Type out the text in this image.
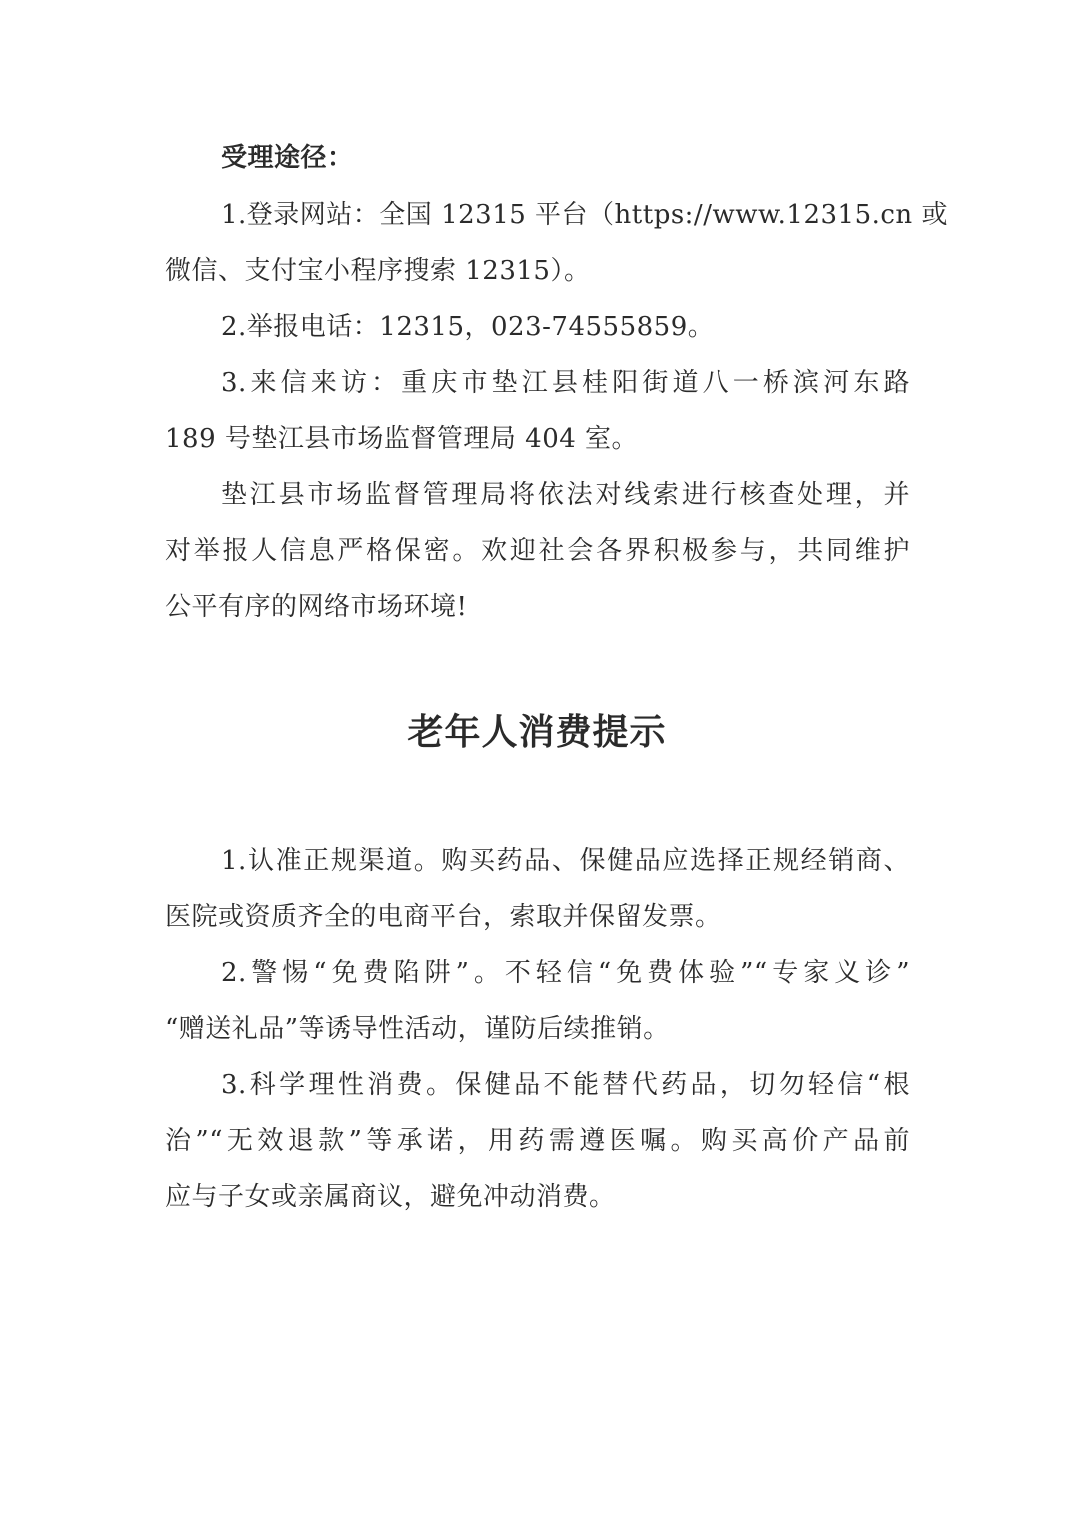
受理途径：
1.登录网站：全国 12315 平台（https://www.12315.cn 或
微信、支付宝小程序搜索 12315）。
2.举报电话：12315，023-74555859。
3.来信来访：重庆市垫江县桂阳街道八一桥滨河东路
189 号垫江县市场监督管理局 404 室。
垫江县市场监督管理局将依法对线索进行核查处理，并
对举报人信息严格保密。欢迎社会各界积极参与，共同维护
公平有序的网络市场环境!
老年人消费提示
1.认准正规渠道。购买药品、保健品应选择正规经销商、
医院或资质齐全的电商平台，索取并保留发票。
2.警惕“免费陷阱”。不轻信“免费体验”“专家义诊”
“赠送礼品”等诱导性活动，谨防后续推销。
3.科学理性消费。保健品不能替代药品，切勿轻信“根
治”“无效退款”等承诺，用药需遵医嘱。购买高价产品前
应与子女或亲属商议，避免冲动消费。
